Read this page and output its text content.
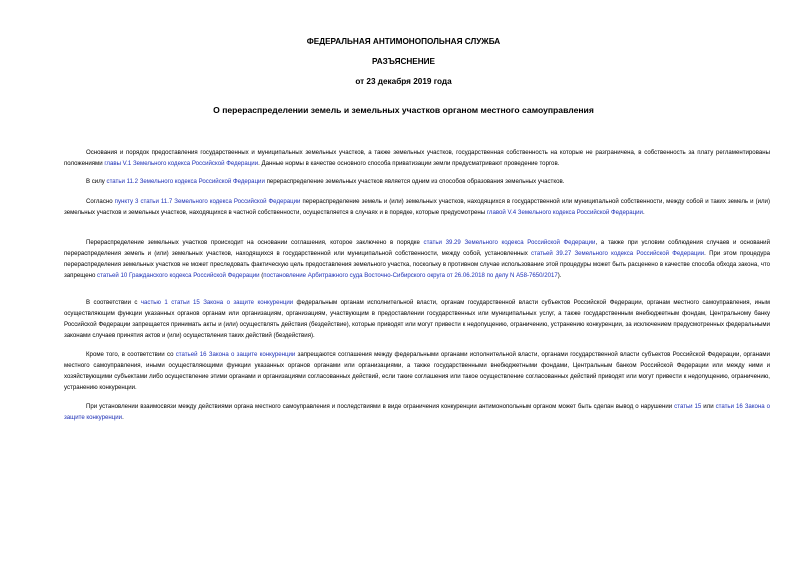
ФЕДЕРАЛЬНАЯ АНТИМОНОПОЛЬНАЯ СЛУЖБА
РАЗЪЯСНЕНИЕ
от 23 декабря 2019 года
О перераспределении земель и земельных участков органом местного самоуправления

Основания и порядок предоставления государственных и муниципальных земельных участков, а также земельных участков, государственная собственность на которые не разграничена, в собственность за плату регламентированы положениями главы V.1 Земельного кодекса Российской Федерации. Данные нормы в качестве основного способа приватизации земли предусматривают проведение торгов.

В силу статьи 11.2 Земельного кодекса Российской Федерации перераспределение земельных участков является одним из способов образования земельных участков.

Согласно пункту 3 статьи 11.7 Земельного кодекса Российской Федерации перераспределение земель и (или) земельных участков, находящихся в государственной или муниципальной собственности, между собой и таких земель и (или) земельных участков и земельных участков, находящихся в частной собственности, осуществляется в случаях и в порядке, которые предусмотрены главой V.4 Земельного кодекса Российской Федерации.

Перераспределение земельных участков происходит на основании соглашения, которое заключено в порядке статьи 39.29 Земельного кодекса Российской Федерации, а также при условии соблюдения случаев и оснований перераспределения земель и (или) земельных участков, находящихся в государственной или муниципальной собственности, между собой, установленных статьей 39.27 Земельного кодекса Российской Федерации. При этом процедура перераспределения земельных участков не может преследовать фактическую цель предоставления земельного участка, поскольку в противном случае использование этой процедуры может быть расценено в качестве способа обхода закона, что запрещено статьей 10 Гражданского кодекса Российской Федерации (постановление Арбитражного суда Восточно-Сибирского округа от 26.06.2018 по делу N А58-7650/2017).

В соответствии с частью 1 статьи 15 Закона о защите конкуренции федеральным органам исполнительной власти, органам государственной власти субъектов Российской Федерации, органам местного самоуправления, иным осуществляющим функции указанных органов органам или организациям, организациям, участвующим в предоставлении государственных или муниципальных услуг, а также государственным внебюджетным фондам, Центральному банку Российской Федерации запрещается принимать акты и (или) осуществлять действия (бездействие), которые приводят или могут привести к недопущению, ограничению, устранению конкуренции, за исключением предусмотренных федеральными законами случаев принятия актов и (или) осуществления таких действий (бездействия).

Кроме того, в соответствии со статьей 16 Закона о защите конкуренции запрещаются соглашения между федеральными органами исполнительной власти, органами государственной власти субъектов Российской Федерации, органами местного самоуправления, иными осуществляющими функции указанных органов органами или организациями, а также государственными внебюджетными фондами, Центральным банком Российской Федерации или между ними и хозяйствующими субъектами либо осуществление этими органами и организациями согласованных действий, если такие соглашения или такое осуществление согласованных действий приводят или могут привести к недопущению, ограничению, устранению конкуренции.

При установлении взаимосвязи между действиями органа местного самоуправления и последствиями в виде ограничения конкуренции антимонопольным органом может быть сделан вывод о нарушении статьи 15 или статьи 16 Закона о защите конкуренции.
